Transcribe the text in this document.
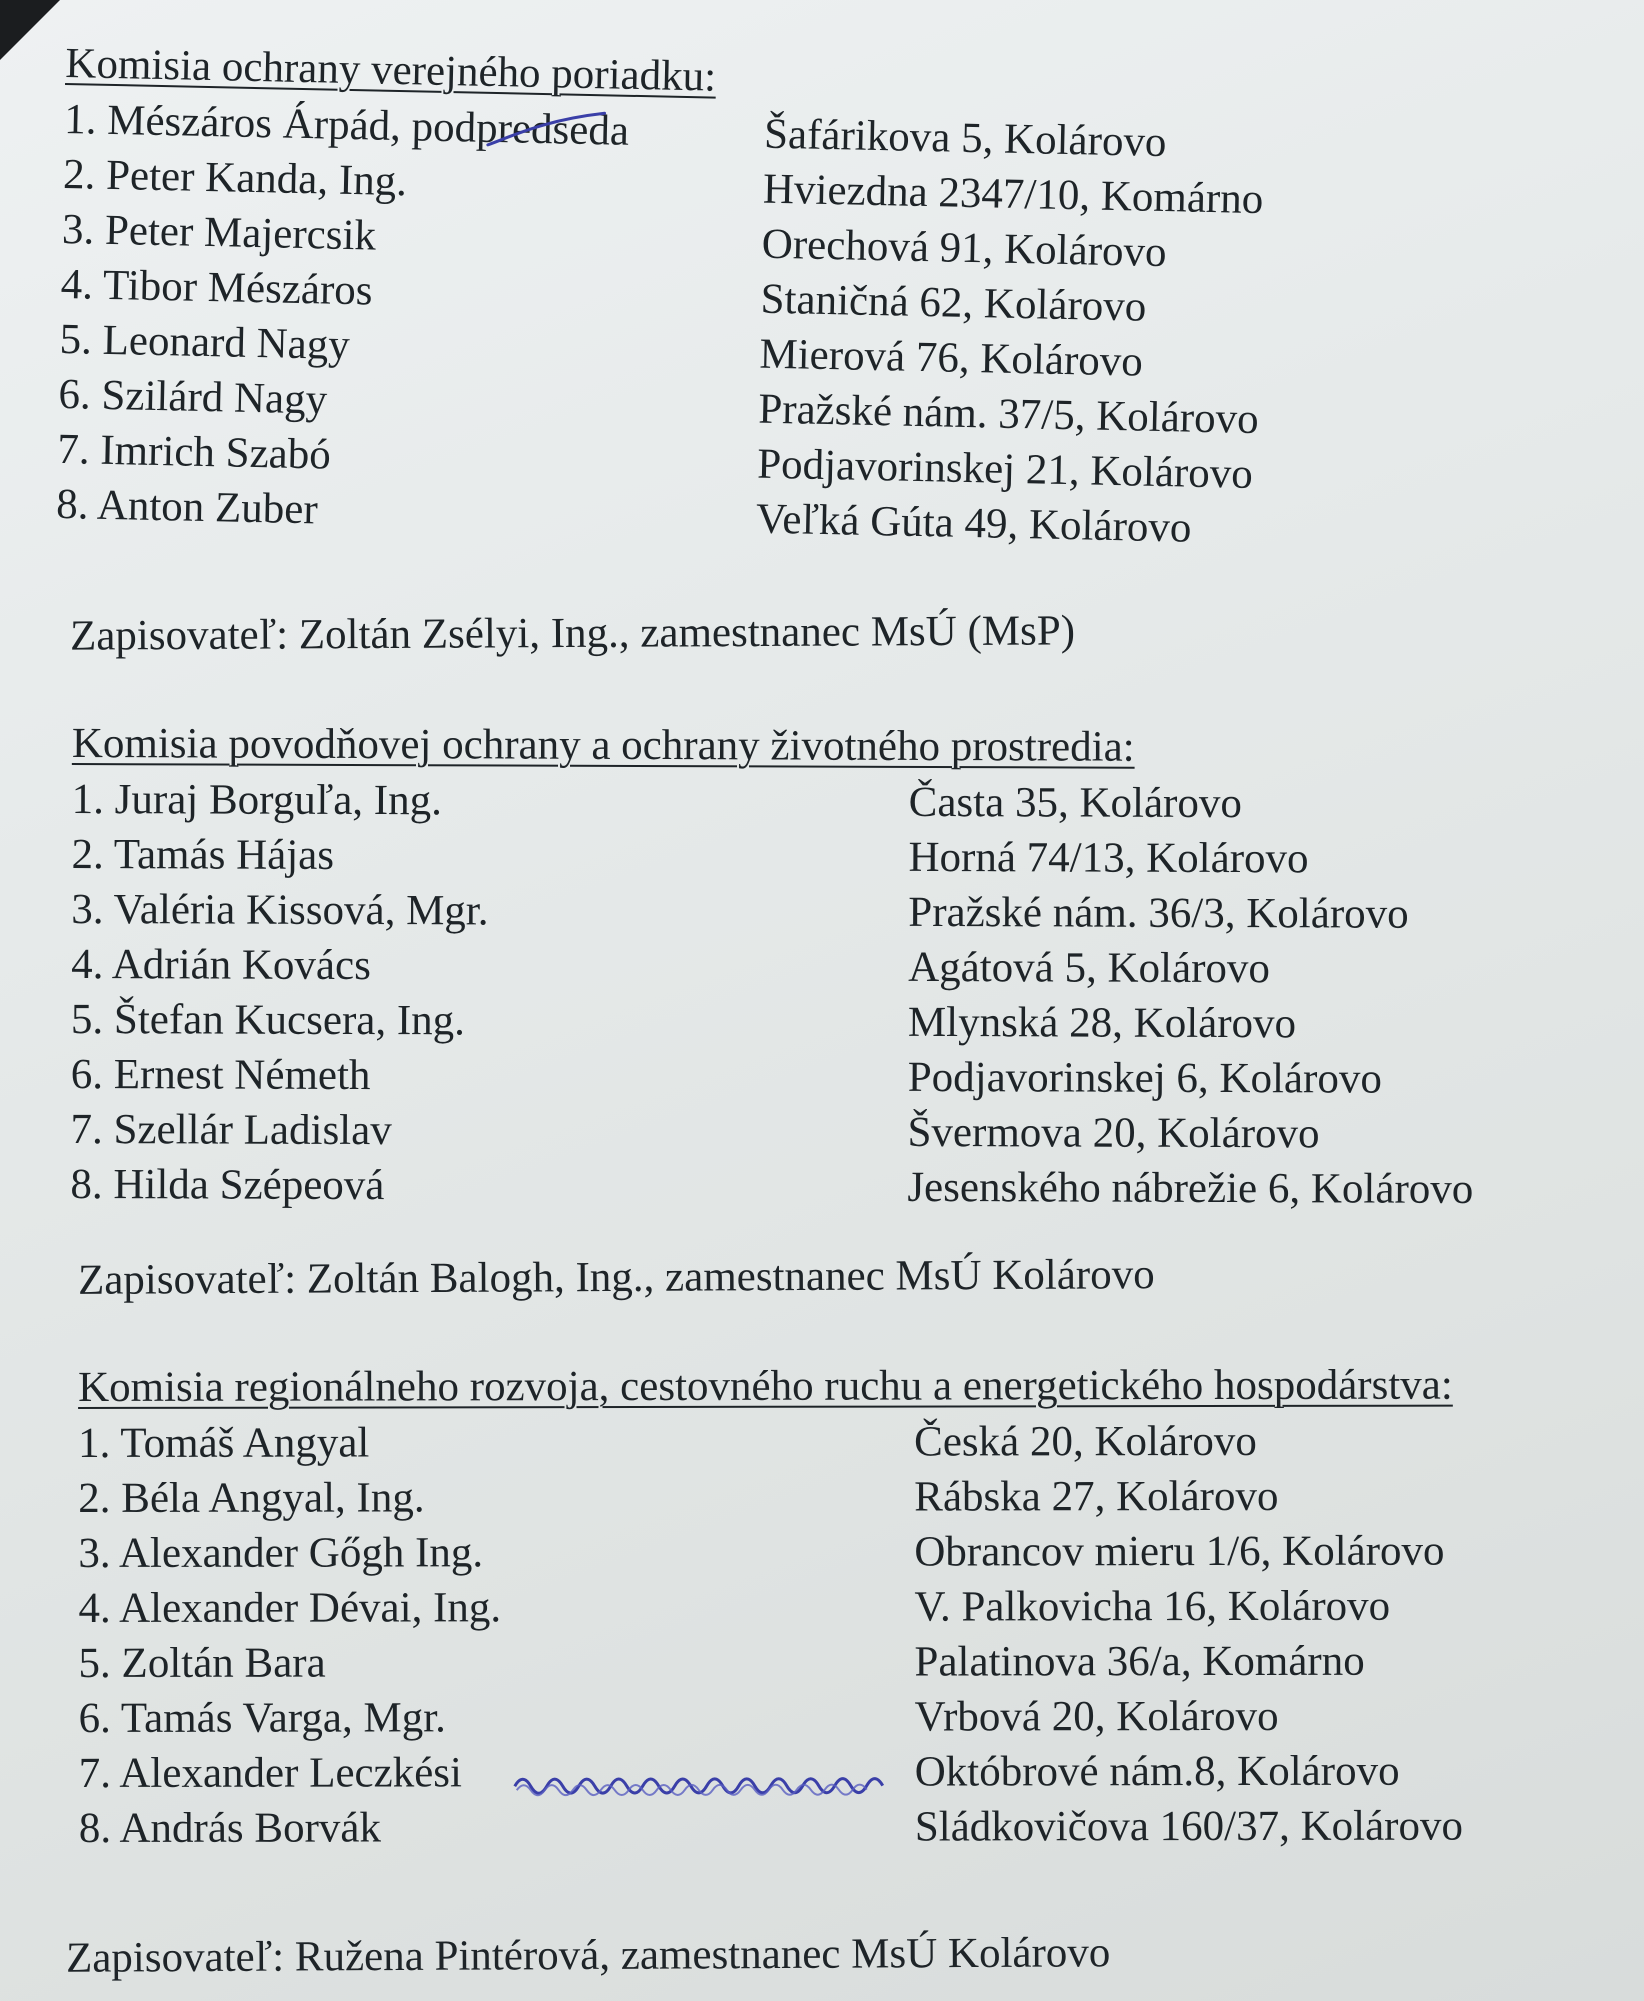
Komisia ochrany verejného poriadku:
1. Mészáros Árpád, podpredseda	Šafárikova 5, Kolárovo
2. Peter Kanda, Ing.	Hviezdna 2347/10, Komárno
3. Peter Majercsik	Orechová 91, Kolárovo
4. Tibor Mészáros	Staničná 62, Kolárovo
5. Leonard Nagy	Mierová 76, Kolárovo
6. Szilárd Nagy	Pražské nám. 37/5, Kolárovo
7. Imrich Szabó	Podjavorinskej 21, Kolárovo
8. Anton Zuber	Veľká Gúta 49, Kolárovo
Zapisovateľ: Zoltán Zsélyi, Ing., zamestnanec MsÚ (MsP)
Komisia povodňovej ochrany a ochrany životného prostredia:
1. Juraj Borguľa, Ing.	Časta 35, Kolárovo
2. Tamás Hájas	Horná 74/13, Kolárovo
3. Valéria Kissová, Mgr.	Pražské nám. 36/3, Kolárovo
4. Adrián Kovács	Agátová 5, Kolárovo
5. Štefan Kucsera, Ing.	Mlynská 28, Kolárovo
6. Ernest Németh	Podjavorinskej 6, Kolárovo
7. Szellár Ladislav	Švermova 20, Kolárovo
8. Hilda Szépeová	Jesenského nábrežie 6, Kolárovo
Zapisovateľ: Zoltán Balogh, Ing., zamestnanec MsÚ Kolárovo
Komisia regionálneho rozvoja, cestovného ruchu a energetického hospodárstva:
1. Tomáš Angyal	Česká 20, Kolárovo
2. Béla Angyal, Ing.	Rábska 27, Kolárovo
3. Alexander Gőgh Ing.	Obrancov mieru 1/6, Kolárovo
4. Alexander Dévai, Ing.	V. Palkovicha 16, Kolárovo
5. Zoltán Bara	Palatinova 36/a, Komárno
6. Tamás Varga, Mgr.	Vrbová 20, Kolárovo
7. Alexander Leczkési	Októbrové nám.8, Kolárovo
8. András Borvák	Sládkovičova 160/37, Kolárovo
Zapisovateľ: Ružena Pintérová, zamestnanec MsÚ Kolárovo
